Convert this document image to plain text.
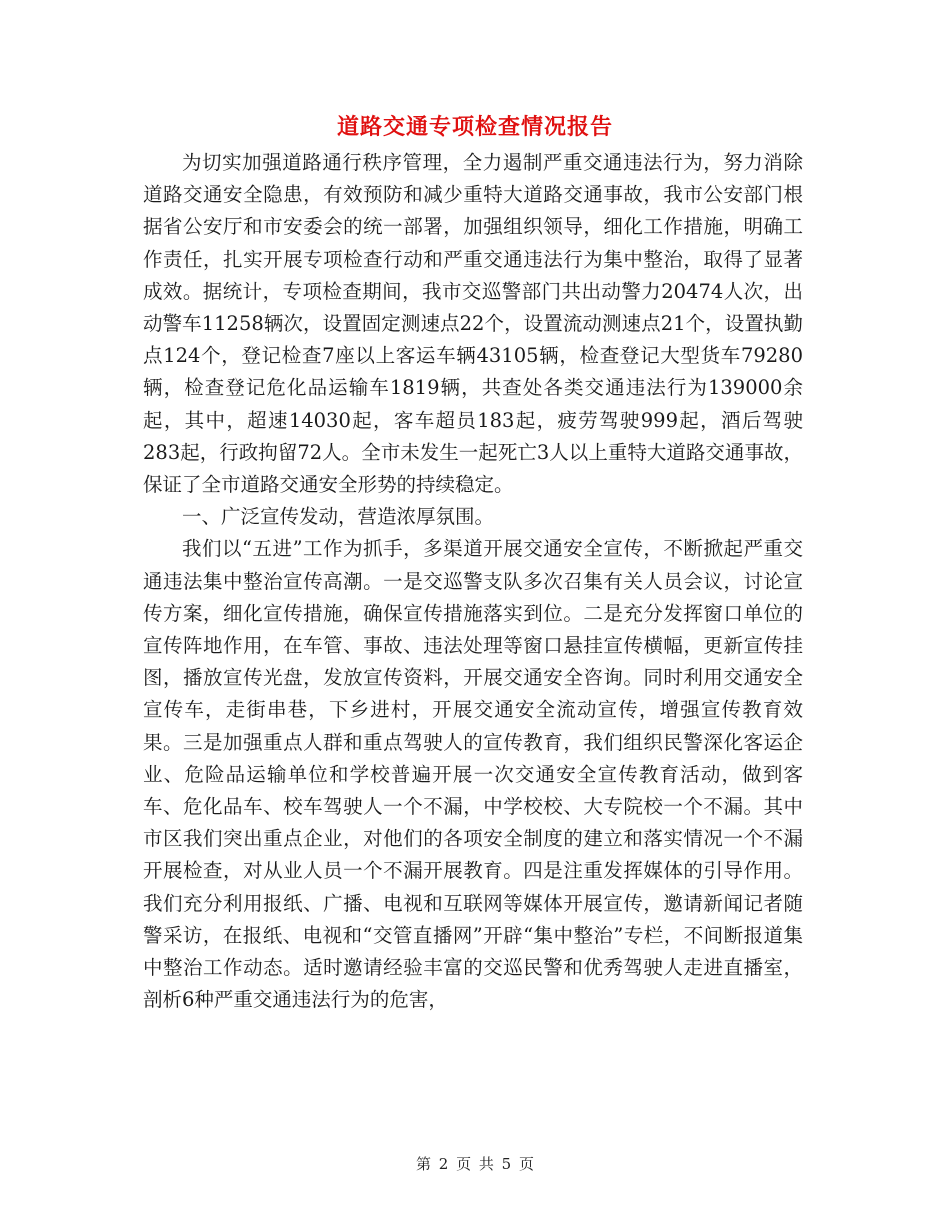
道路交通专项检查情况报告

为切实加强道路通行秩序管理，全力遏制严重交通违法行为，努力消除道路交通安全隐患，有效预防和减少重特大道路交通事故，我市公安部门根据省公安厅和市安委会的统一部署，加强组织领导，细化工作措施，明确工作责任，扎实开展专项检查行动和严重交通违法行为集中整治，取得了显著成效。据统计，专项检查期间，我市交巡警部门共出动警力20474人次，出动警车11258辆次，设置固定测速点22个，设置流动测速点21个，设置执勤点124个，登记检查7座以上客运车辆43105辆，检查登记大型货车79280辆，检查登记危化品运输车1819辆，共查处各类交通违法行为139000余起，其中，超速14030起，客车超员183起，疲劳驾驶999起，酒后驾驶283起，行政拘留72人。全市未发生一起死亡3人以上重特大道路交通事故，保证了全市道路交通安全形势的持续稳定。

一、广泛宣传发动，营造浓厚氛围。

我们以“五进”工作为抓手，多渠道开展交通安全宣传，不断掀起严重交通违法集中整治宣传高潮。一是交巡警支队多次召集有关人员会议，讨论宣传方案，细化宣传措施，确保宣传措施落实到位。二是充分发挥窗口单位的宣传阵地作用，在车管、事故、违法处理等窗口悬挂宣传横幅，更新宣传挂图，播放宣传光盘，发放宣传资料，开展交通安全咨询。同时利用交通安全宣传车，走街串巷，下乡进村，开展交通安全流动宣传，增强宣传教育效果。三是加强重点人群和重点驾驶人的宣传教育，我们组织民警深化客运企业、危险品运输单位和学校普遍开展一次交通安全宣传教育活动，做到客车、危化品车、校车驾驶人一个不漏，中学校校、大专院校一个不漏。其中市区我们突出重点企业，对他们的各项安全制度的建立和落实情况一个不漏开展检查，对从业人员一个不漏开展教育。四是注重发挥媒体的引导作用。我们充分利用报纸、广播、电视和互联网等媒体开展宣传，邀请新闻记者随警采访，在报纸、电视和“交管直播网”开辟“集中整治”专栏，不间断报道集中整治工作动态。适时邀请经验丰富的交巡民警和优秀驾驶人走进直播室，剖析6种严重交通违法行为的危害，

第 2 页 共 5 页
